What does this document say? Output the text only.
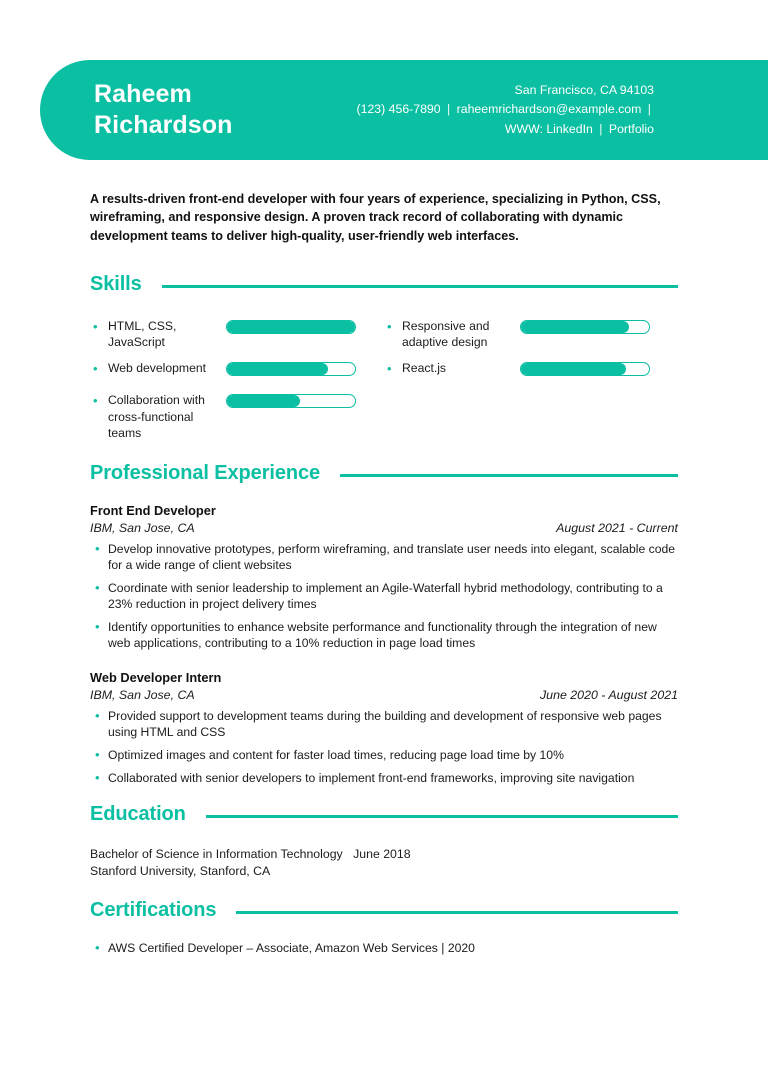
Raheem
Richardson
San Francisco, CA 94103
(123) 456-7890 | raheemrichardson@example.com |
WWW: LinkedIn | Portfolio
A results-driven front-end developer with four years of experience, specializing in Python, CSS, wireframing, and responsive design. A proven track record of collaborating with dynamic development teams to deliver high-quality, user-friendly web interfaces.
Skills
• HTML, CSS, JavaScript
• Web development
• Collaboration with cross-functional teams
• Responsive and adaptive design
• React.js
Professional Experience
Front End Developer
IBM, San Jose, CA	August 2021 - Current
• Develop innovative prototypes, perform wireframing, and translate user needs into elegant, scalable code for a wide range of client websites
• Coordinate with senior leadership to implement an Agile-Waterfall hybrid methodology, contributing to a 23% reduction in project delivery times
• Identify opportunities to enhance website performance and functionality through the integration of new web applications, contributing to a 10% reduction in page load times
Web Developer Intern
IBM, San Jose, CA	June 2020 - August 2021
• Provided support to development teams during the building and development of responsive web pages using HTML and CSS
• Optimized images and content for faster load times, reducing page load time by 10%
• Collaborated with senior developers to implement front-end frameworks, improving site navigation
Education
Bachelor of Science in Information Technology June 2018
Stanford University, Stanford, CA
Certifications
• AWS Certified Developer – Associate, Amazon Web Services | 2020
